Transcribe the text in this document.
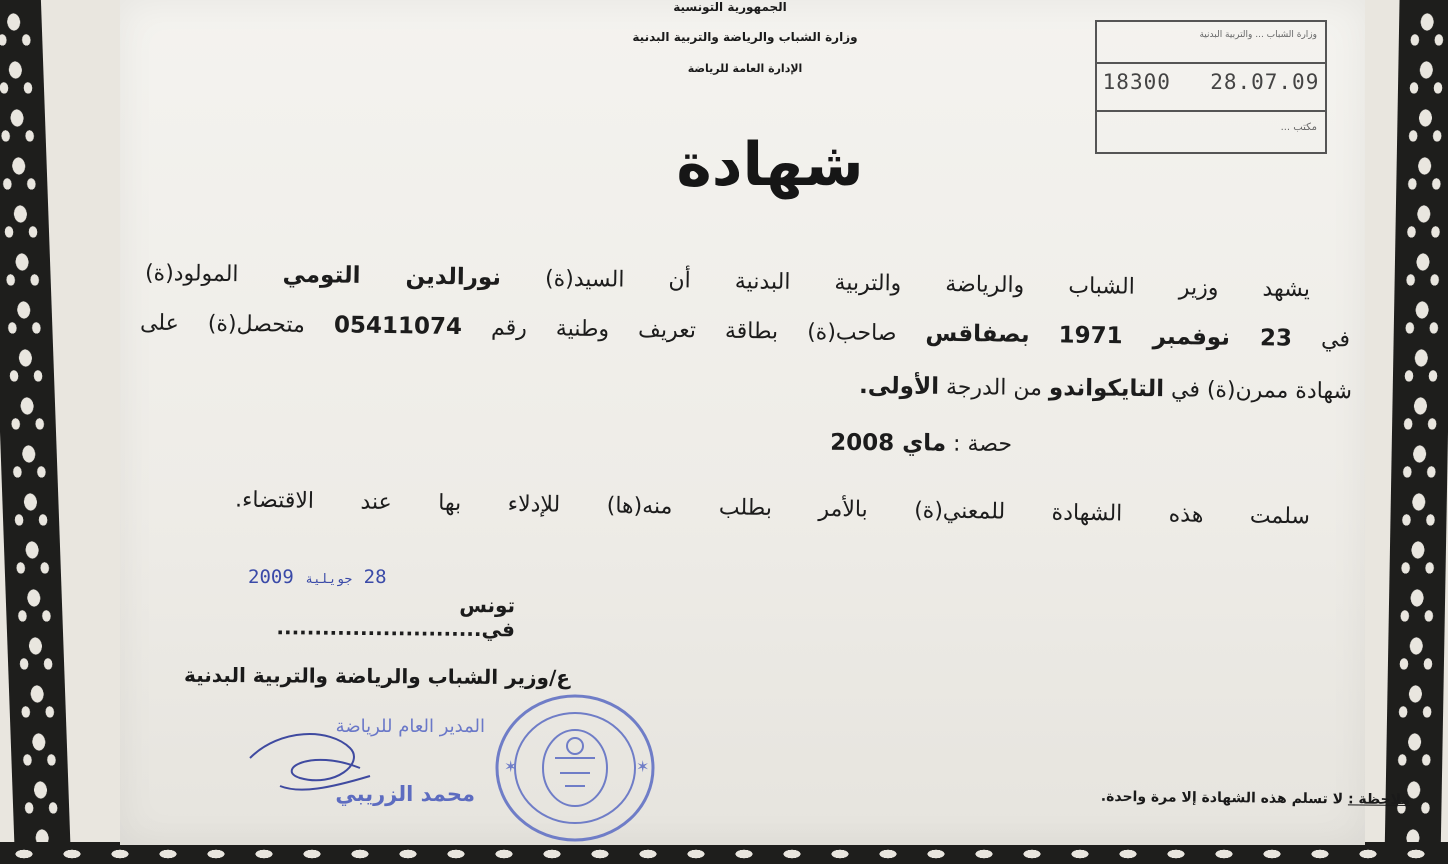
الجمهورية التونسية
وزارة الشباب والرياضة والتربية البدنية
الإدارة العامة للرياضة
وزارة الشباب ... والتربية البدنية
18300 28.07.09
مكتب ...
شهادة
يشهد وزير الشباب والرياضة والتربية البدنية أن السيد(ة) نورالدين التومي المولود(ة)
في 23 نوفمبر 1971 بصفاقس صاحب(ة) بطاقة تعريف وطنية رقم 05411074 متحصل(ة) على
شهادة ممرن(ة) في التايكواندو من الدرجة الأولى.
حصة : ماي 2008
سلمت هذه الشهادة للمعني(ة) بالأمر بطلب منه(ها) للإدلاء بها عند الاقتضاء.
28 جويلية 2009
تونس في...........................
ع/وزير الشباب والرياضة والتربية البدنية
المدير العام للرياضة
محمد الزريبي
✶	✶
ملاحظة : لا تسلم هذه الشهادة إلا مرة واحدة.
